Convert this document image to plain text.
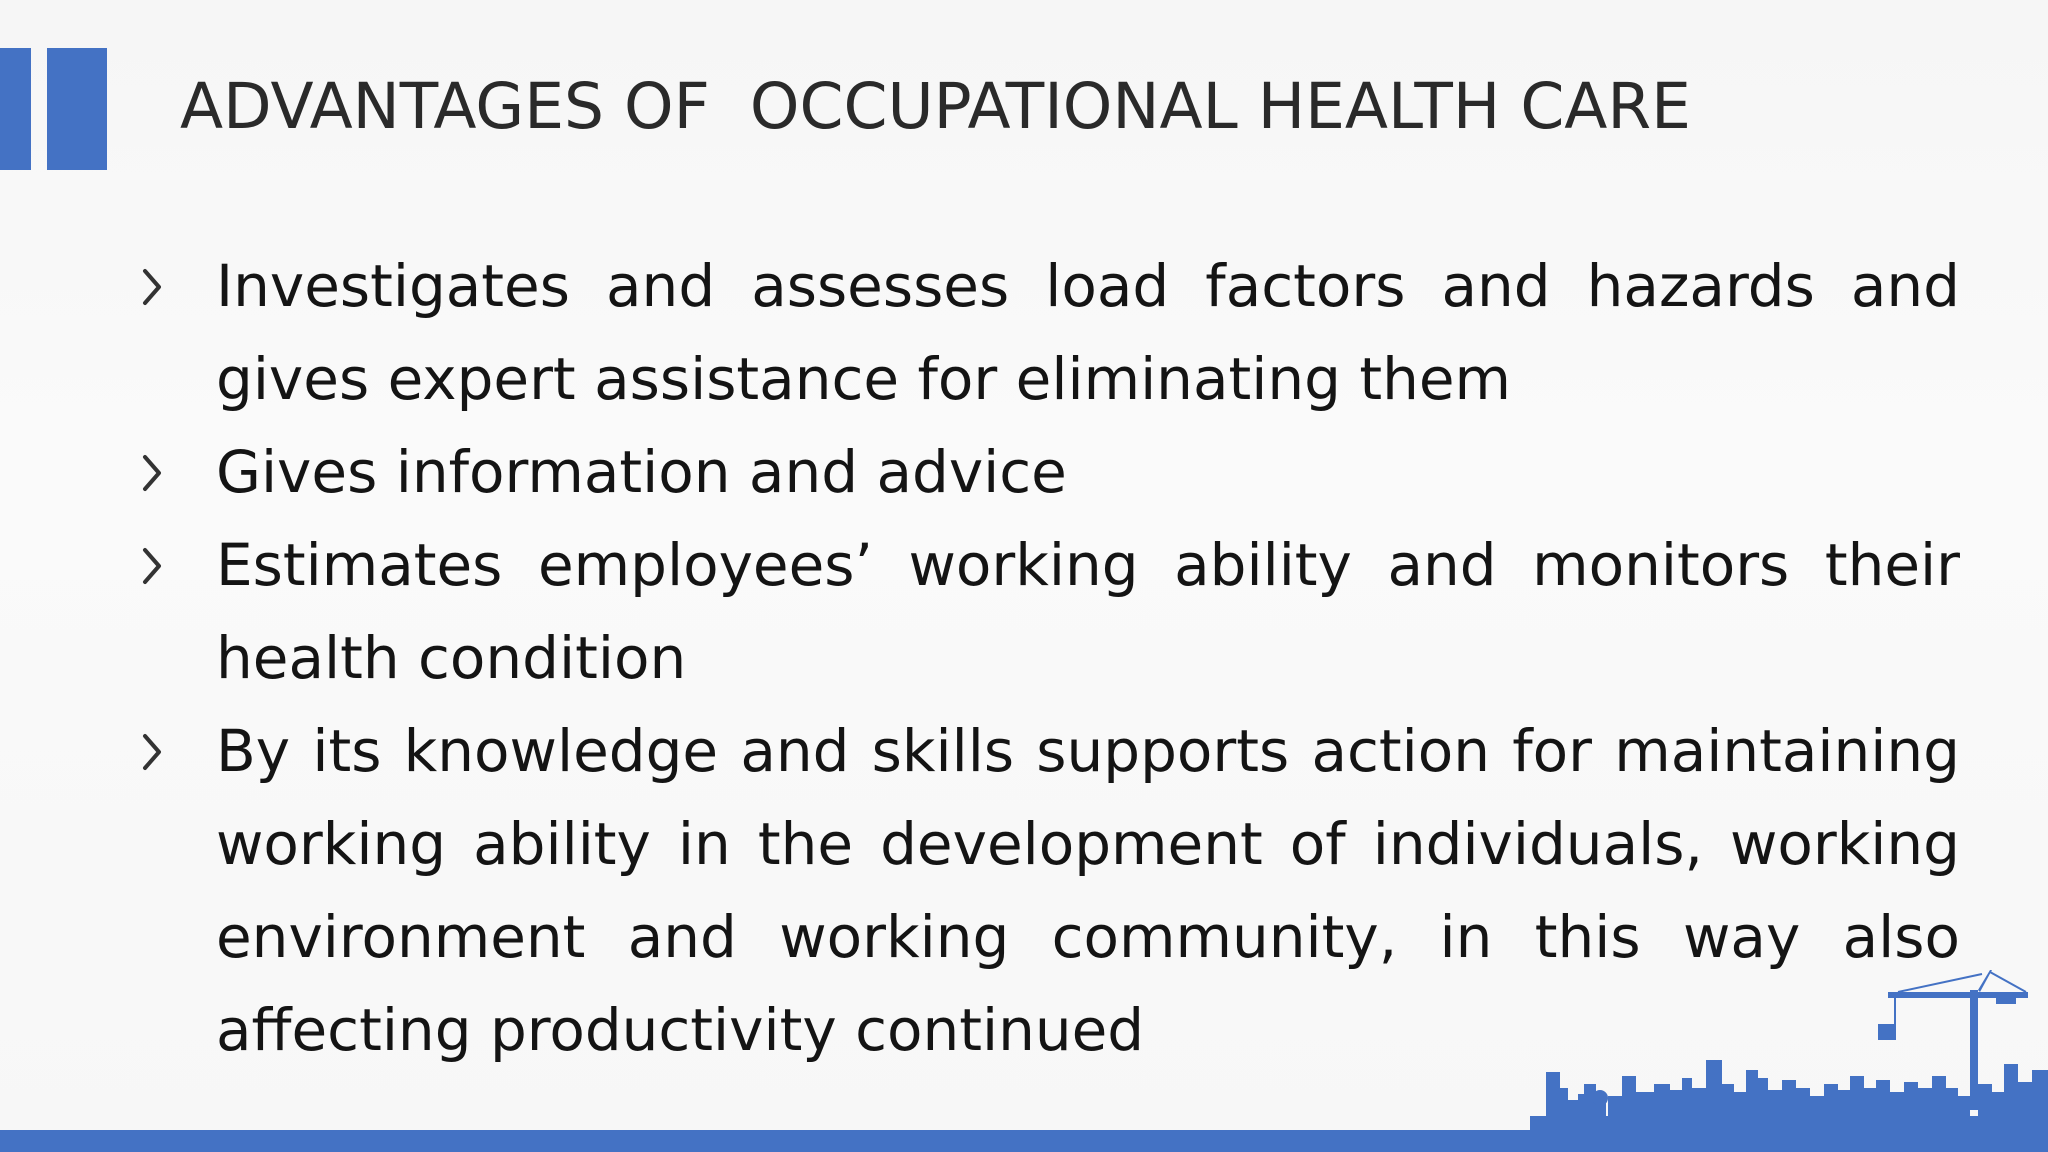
ADVANTAGES OF  OCCUPATIONAL HEALTH CARE
Investigates and assesses load factors and hazards and gives expert assistance for eliminating them
Gives information and advice
Estimates employees’ working ability and monitors their health condition
By its knowledge and skills supports action for maintaining working ability in the development of individuals, working environment and working community, in this way also affecting productivity continued
